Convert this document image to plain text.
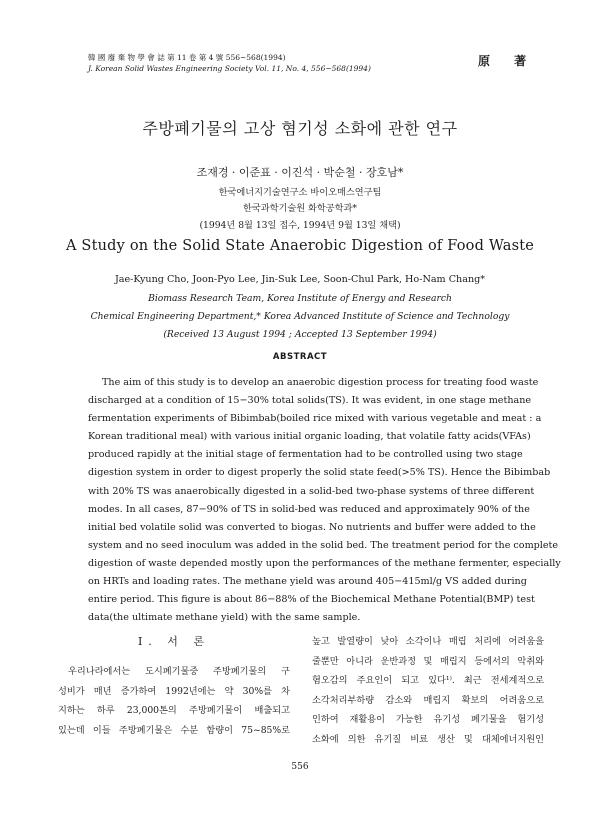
韓 國 廢 棄 物 學 會 誌 第 11 卷 第 4 號 556~568(1994)
J. Korean Solid Wastes Engineering Society Vol. 11, No. 4, 556~568(1994)
原 著
주방폐기물의 고상 혐기성 소화에 관한 연구
조재경 · 이준표 · 이진석 · 박순철 · 장호남*
한국에너지기술연구소 바이오매스연구팀
한국과학기술원 화학공학과*
(1994년 8월 13일 접수, 1994년 9월 13일 채택)
A Study on the Solid State Anaerobic Digestion of Food Waste
Jae-Kyung Cho, Joon-Pyo Lee, Jin-Suk Lee, Soon-Chul Park, Ho-Nam Chang*
Biomass Research Team, Korea Institute of Energy and Research
Chemical Engineering Department,* Korea Advanced Institute of Science and Technology
(Received 13 August 1994 ; Accepted 13 September 1994)
ABSTRACT
The aim of this study is to develop an anaerobic digestion process for treating food waste
discharged at a condition of 15−30% total solids(TS). It was evident, in one stage methane
fermentation experiments of Bibimbab(boiled rice mixed with various vegetable and meat : a
Korean traditional meal) with various initial organic loading, that volatile fatty acids(VFAs)
produced rapidly at the initial stage of fermentation had to be controlled using two stage
digestion system in order to digest properly the solid state feed(>5% TS). Hence the Bibimbab
with 20% TS was anaerobically digested in a solid-bed two-phase systems of three different
modes. In all cases, 87−90% of TS in solid-bed was reduced and approximately 90% of the
initial bed volatile solid was converted to biogas. No nutrients and buffer were added to the
system and no seed inoculum was added in the solid bed. The treatment period for the complete
digestion of waste depended mostly upon the performances of the methane fermenter, especially
on HRTs and loading rates. The methane yield was around 405−415ml/g VS added during
entire period. This figure is about 86−88% of the Biochemical Methane Potential(BMP) test
data(the ultimate methane yield) with the same sample.
I. 서 론
우리나라에서는 도시폐기물중 주방폐기물의 구
성비가 매년 증가하여 1992년에는 약 30%를 차
지하는 하루 23,000톤의 주방폐기물이 배출되고
있는데 이들 주방폐기물은 수분 함량이 75~85%로
높고 발열량이 낮아 소각이나 매립 처리에 어려움을
줄뿐만 아니라 운반과정 및 매립지 등에서의 악취와
혐오감의 주요인이 되고 있다¹⁾. 최근 전세계적으로
소각처리부하량 감소와 매립지 확보의 어려움으로
인하여 재활용이 가능한 유기성 폐기물을 혐기성
소화에 의한 유기질 비료 생산 및 대체에너지원인
556
